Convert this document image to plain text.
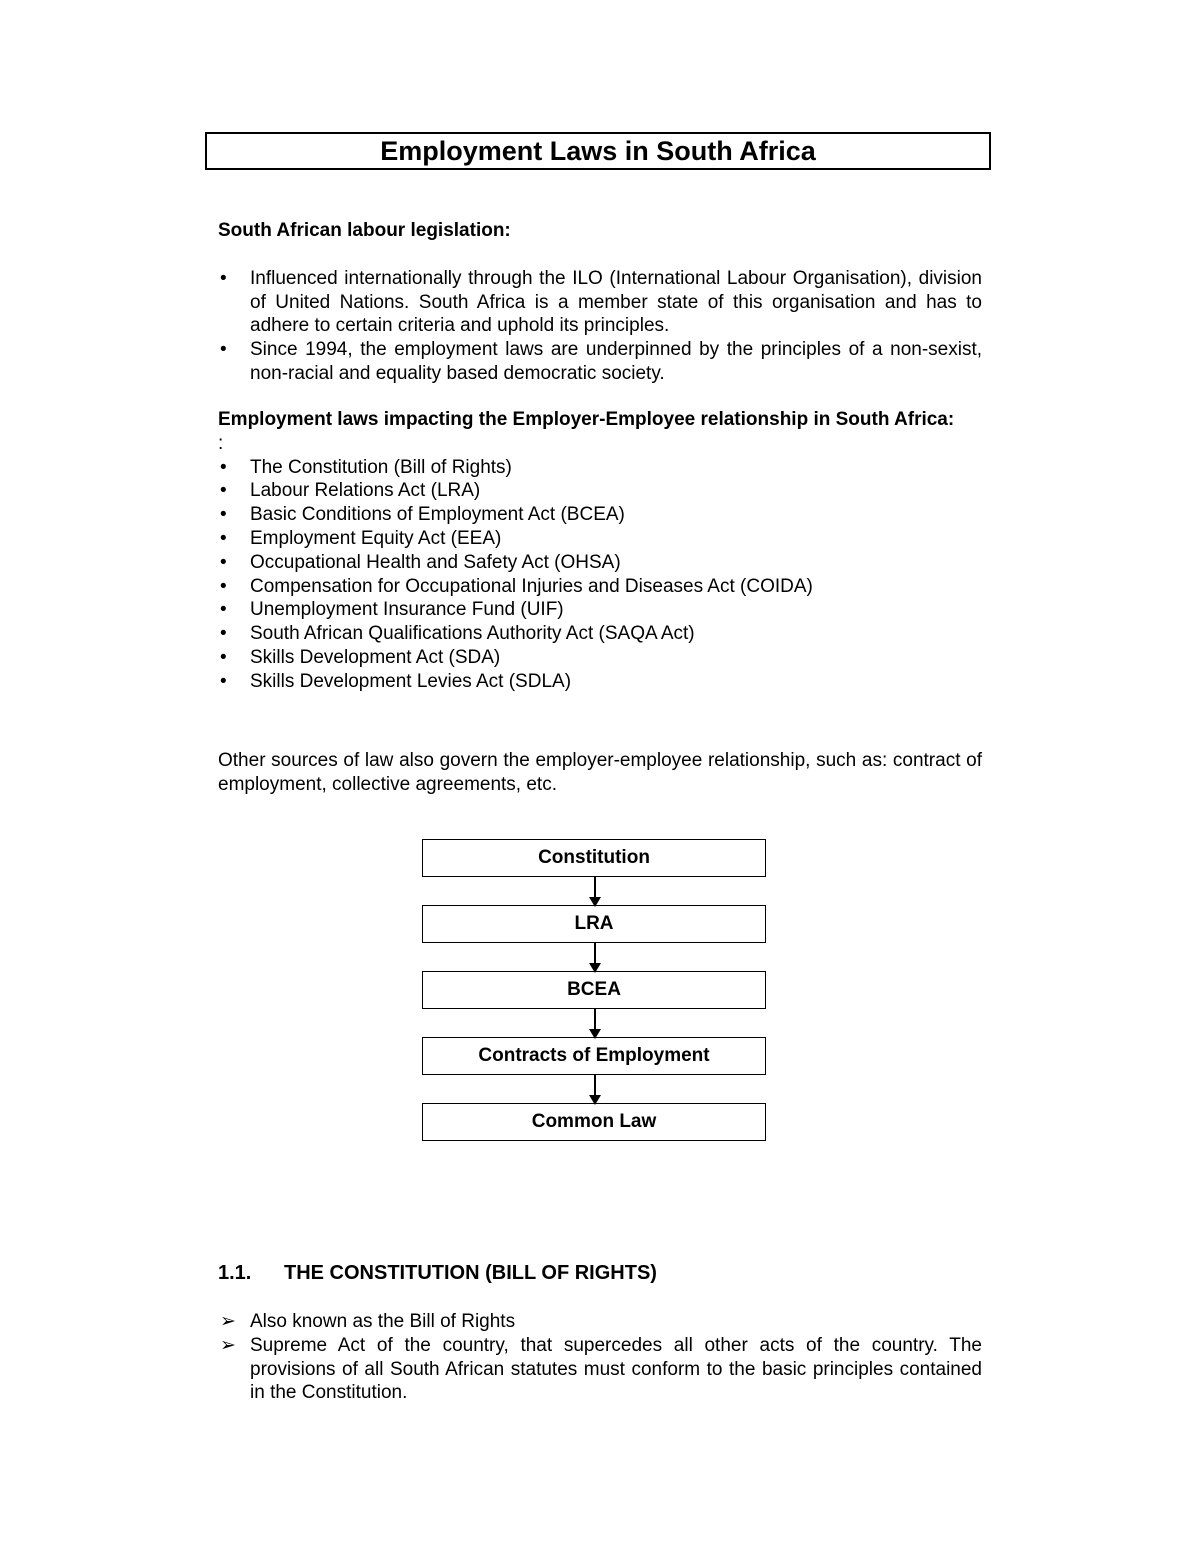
Employment Laws in South Africa
South African labour legislation:
•	Influenced internationally through the ILO (International Labour Organisation), division of United Nations. South Africa is a member state of this organisation and has to adhere to certain criteria and uphold its principles.
•	Since 1994, the employment laws are underpinned by the principles of a non-sexist, non-racial and equality based democratic society.
Employment laws impacting the Employer-Employee relationship in South Africa:
:
•	The Constitution (Bill of Rights)
•	Labour Relations Act (LRA)
•	Basic Conditions of Employment Act (BCEA)
•	Employment Equity Act (EEA)
•	Occupational Health and Safety Act (OHSA)
•	Compensation for Occupational Injuries and Diseases Act (COIDA)
•	Unemployment Insurance Fund (UIF)
•	South African Qualifications Authority Act (SAQA Act)
•	Skills Development Act (SDA)
•	Skills Development Levies Act (SDLA)
Other sources of law also govern the employer-employee relationship, such as: contract of employment, collective agreements, etc.
Constitution
LRA
BCEA
Contracts of Employment
Common Law
1.1. THE CONSTITUTION (BILL OF RIGHTS)
➢ Also known as the Bill of Rights
➢ Supreme Act of the country, that supercedes all other acts of the country. The provisions of all South African statutes must conform to the basic principles contained in the Constitution.
